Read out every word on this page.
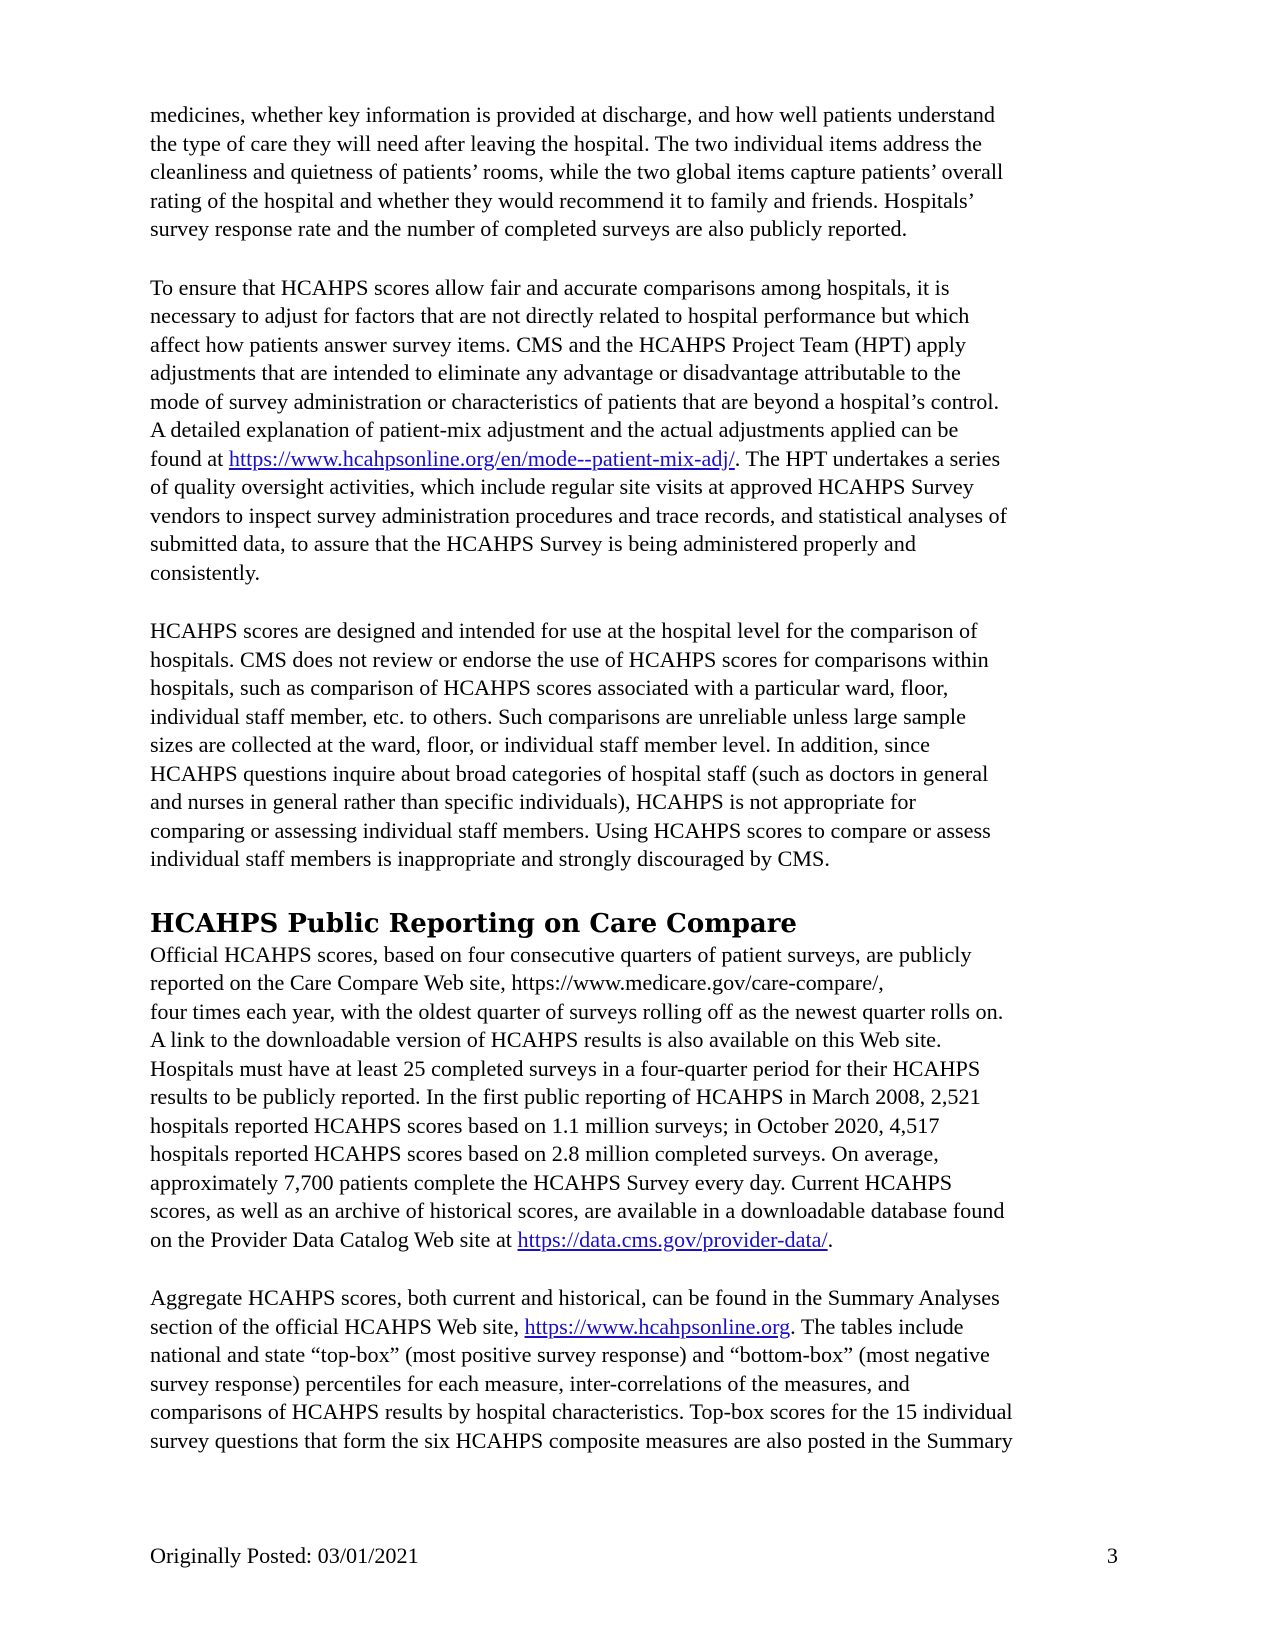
medicines, whether key information is provided at discharge, and how well patients understand
the type of care they will need after leaving the hospital. The two individual items address the
cleanliness and quietness of patients’ rooms, while the two global items capture patients’ overall
rating of the hospital and whether they would recommend it to family and friends. Hospitals’
survey response rate and the number of completed surveys are also publicly reported.

To ensure that HCAHPS scores allow fair and accurate comparisons among hospitals, it is
necessary to adjust for factors that are not directly related to hospital performance but which
affect how patients answer survey items. CMS and the HCAHPS Project Team (HPT) apply
adjustments that are intended to eliminate any advantage or disadvantage attributable to the
mode of survey administration or characteristics of patients that are beyond a hospital’s control.
A detailed explanation of patient-mix adjustment and the actual adjustments applied can be
found at https://www.hcahpsonline.org/en/mode--patient-mix-adj/. The HPT undertakes a series
of quality oversight activities, which include regular site visits at approved HCAHPS Survey
vendors to inspect survey administration procedures and trace records, and statistical analyses of
submitted data, to assure that the HCAHPS Survey is being administered properly and
consistently.

HCAHPS scores are designed and intended for use at the hospital level for the comparison of
hospitals. CMS does not review or endorse the use of HCAHPS scores for comparisons within
hospitals, such as comparison of HCAHPS scores associated with a particular ward, floor,
individual staff member, etc. to others. Such comparisons are unreliable unless large sample
sizes are collected at the ward, floor, or individual staff member level. In addition, since
HCAHPS questions inquire about broad categories of hospital staff (such as doctors in general
and nurses in general rather than specific individuals), HCAHPS is not appropriate for
comparing or assessing individual staff members. Using HCAHPS scores to compare or assess
individual staff members is inappropriate and strongly discouraged by CMS.

HCAHPS Public Reporting on Care Compare

Official HCAHPS scores, based on four consecutive quarters of patient surveys, are publicly
reported on the Care Compare Web site, https://www.medicare.gov/care-compare/,
four times each year, with the oldest quarter of surveys rolling off as the newest quarter rolls on.
A link to the downloadable version of HCAHPS results is also available on this Web site.
Hospitals must have at least 25 completed surveys in a four-quarter period for their HCAHPS
results to be publicly reported. In the first public reporting of HCAHPS in March 2008, 2,521
hospitals reported HCAHPS scores based on 1.1 million surveys; in October 2020, 4,517
hospitals reported HCAHPS scores based on 2.8 million completed surveys. On average,
approximately 7,700 patients complete the HCAHPS Survey every day. Current HCAHPS
scores, as well as an archive of historical scores, are available in a downloadable database found
on the Provider Data Catalog Web site at https://data.cms.gov/provider-data/.

Aggregate HCAHPS scores, both current and historical, can be found in the Summary Analyses
section of the official HCAHPS Web site, https://www.hcahpsonline.org. The tables include
national and state “top-box” (most positive survey response) and “bottom-box” (most negative
survey response) percentiles for each measure, inter-correlations of the measures, and
comparisons of HCAHPS results by hospital characteristics. Top-box scores for the 15 individual
survey questions that form the six HCAHPS composite measures are also posted in the Summary

Originally Posted: 03/01/2021	3
